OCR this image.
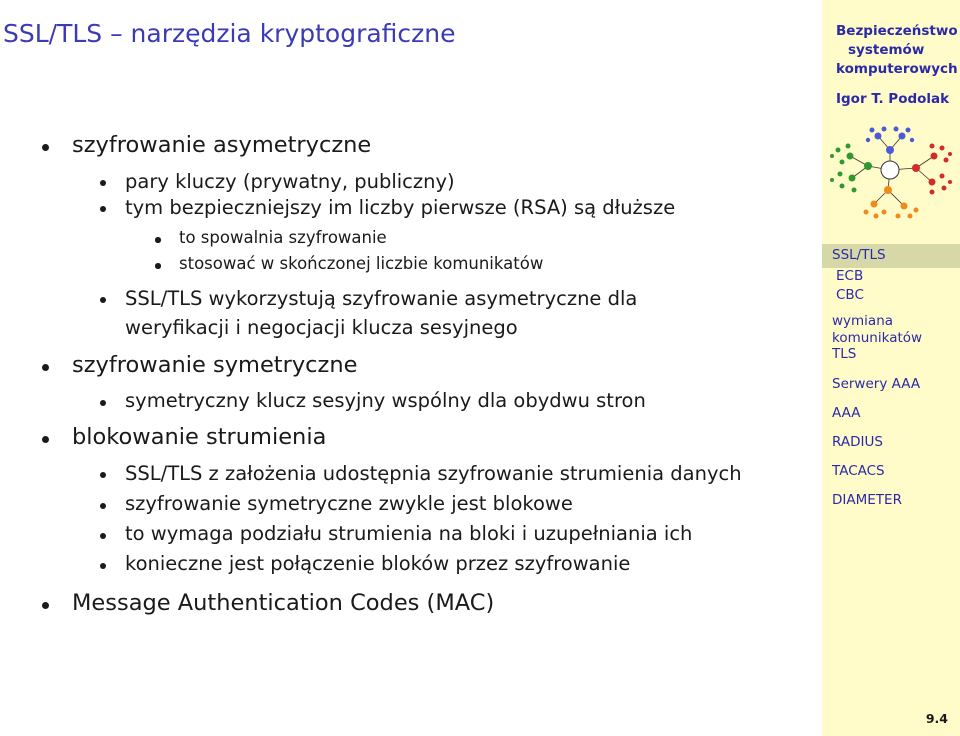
SSL/TLS – narzędzia kryptograficzne
szyfrowanie asymetryczne
pary kluczy (prywatny, publiczny)
tym bezpieczniejszy im liczby pierwsze (RSA) są dłuższe
to spowalnia szyfrowanie
stosować w skończonej liczbie komunikatów
SSL/TLS wykorzystują szyfrowanie asymetryczne dla
weryfikacji i negocjacji klucza sesyjnego
szyfrowanie symetryczne
symetryczny klucz sesyjny wspólny dla obydwu stron
blokowanie strumienia
SSL/TLS z założenia udostępnia szyfrowanie strumienia danych
szyfrowanie symetryczne zwykle jest blokowe
to wymaga podziału strumienia na bloki i uzupełniania ich
konieczne jest połączenie bloków przez szyfrowanie
Message Authentication Codes (MAC)
Bezpieczeństwo
systemów
komputerowych
Igor T. Podolak
SSL/TLS
ECB
CBC
wymiana
komunikatów
TLS
Serwery AAA
AAA
RADIUS
TACACS
DIAMETER
9.4
